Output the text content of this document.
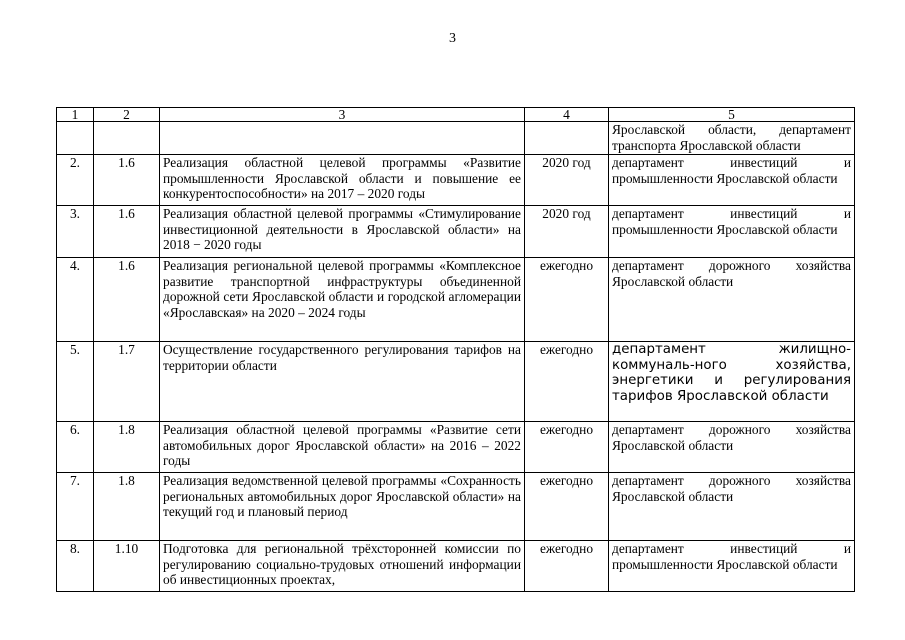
3
1	2	3	4	5
				Ярославской области, департамент транспорта Ярославской области
2.	1.6	Реализация областной целевой программы «Развитие промышленности Ярославской области и повышение ее конкурентоспособности» на 2017 – 2020 годы	2020 год	департамент инвестиций и промышленности Ярославской области
3.	1.6	Реализация областной целевой программы «Стимулирование инвестиционной деятельности в Ярославской области» на 2018 − 2020 годы	2020 год	департамент инвестиций и промышленности Ярославской области
4.	1.6	Реализация региональной целевой программы «Комплексное развитие транспортной инфраструктуры объединенной дорожной сети Ярославской области и городской агломерации «Ярославская» на 2020 – 2024 годы	ежегодно	департамент дорожного хозяйства Ярославской области
5.	1.7	Осуществление государственного регулирования тарифов на территории области	ежегодно	департамент жилищно-коммуналь-ного хозяйства, энергетики и регулирования тарифов Ярославской области
6.	1.8	Реализация областной целевой программы «Развитие сети автомобильных дорог Ярославской области» на 2016 – 2022 годы	ежегодно	департамент дорожного хозяйства Ярославской области
7.	1.8	Реализация ведомственной целевой программы «Сохранность региональных автомобильных дорог Ярославской области» на текущий год и плановый период	ежегодно	департамент дорожного хозяйства Ярославской области
8.	1.10	Подготовка для региональной трёхсторонней комиссии по регулированию социально-трудовых отношений информации об инвестиционных проектах,	ежегодно	департамент инвестиций и промышленности Ярославской области
